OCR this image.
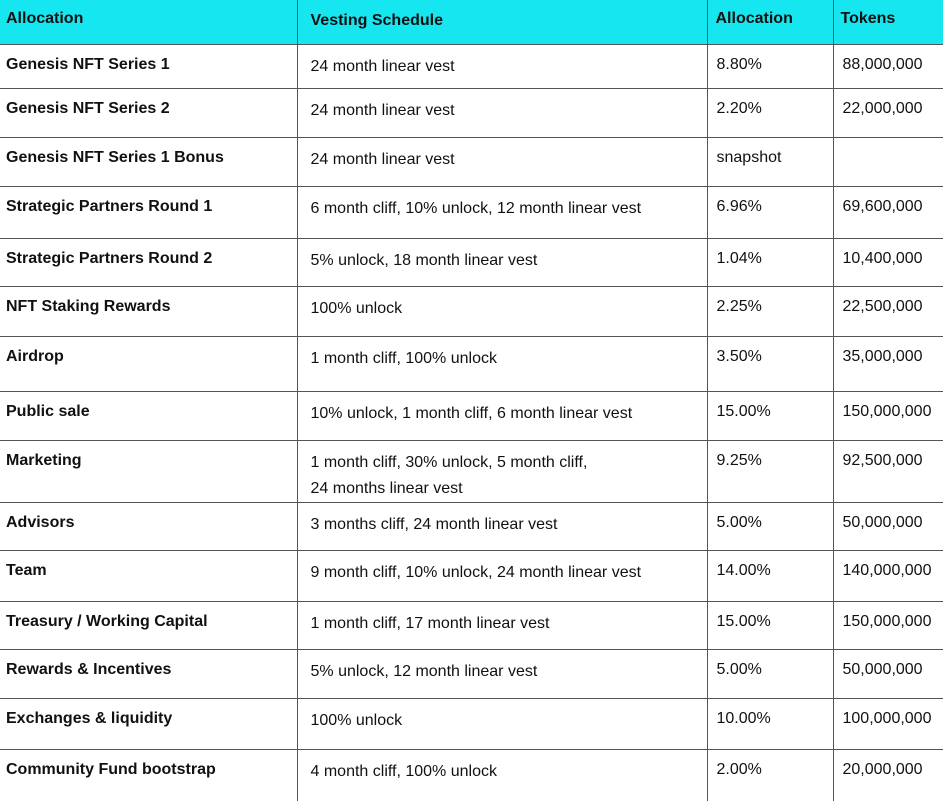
Allocation	Vesting Schedule	Allocation	Tokens
Genesis NFT Series 1	24 month linear vest	8.80%	88,000,000
Genesis NFT Series 2	24 month linear vest	2.20%	22,000,000
Genesis NFT Series 1 Bonus	24 month linear vest	snapshot	
Strategic Partners Round 1	6 month cliff, 10% unlock, 12 month linear vest	6.96%	69,600,000
Strategic Partners Round 2	5% unlock, 18 month linear vest	1.04%	10,400,000
NFT Staking Rewards	100% unlock	2.25%	22,500,000
Airdrop	1 month cliff, 100% unlock	3.50%	35,000,000
Public sale	10% unlock, 1 month cliff, 6 month linear vest	15.00%	150,000,000
Marketing	1 month cliff, 30% unlock, 5 month cliff,
24 months linear vest	9.25%	92,500,000
Advisors	3 months cliff, 24 month linear vest	5.00%	50,000,000
Team	9 month cliff, 10% unlock, 24 month linear vest	14.00%	140,000,000
Treasury / Working Capital	1 month cliff, 17 month linear vest	15.00%	150,000,000
Rewards & Incentives	5% unlock, 12 month linear vest	5.00%	50,000,000
Exchanges & liquidity	100% unlock	10.00%	100,000,000
Community Fund bootstrap	4 month cliff, 100% unlock	2.00%	20,000,000
